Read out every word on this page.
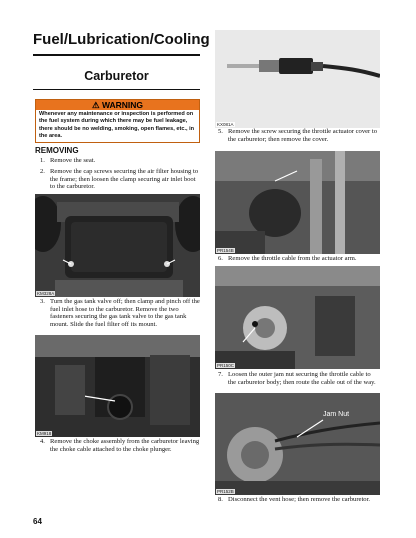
Fuel/Lubrication/Cooling
Carburetor
⚠ WARNING
Whenever any maintenance or inspection is performed on the fuel system during which there may be fuel leakage, there should be no welding, smoking, open flames, etc., in the area.
REMOVING
1. Remove the seat.
2. Remove the cap screws securing the air filter housing to the frame; then loosen the clamp securing air inlet boot to the carburetor.
KM328A
3. Turn the gas tank valve off; then clamp and pinch off the fuel inlet hose to the carburetor. Remove the two fasteners securing the gas tank valve to the gas tank mount. Slide the fuel filter off its mount.
KM918
4. Remove the choke assembly from the carburetor leaving the choke cable attached to the choke plunger.
64
KX081A
5. Remove the screw securing the throttle actuator cover to the carburetor; then remove the cover.
PR154B
6. Remove the throttle cable from the actuator arm.
PR150C
7. Loosen the outer jam nut securing the throttle cable to the carburetor body; then route the cable out of the way.
Jam Nut
PR152B
8. Disconnect the vent hose; then remove the carburetor.
